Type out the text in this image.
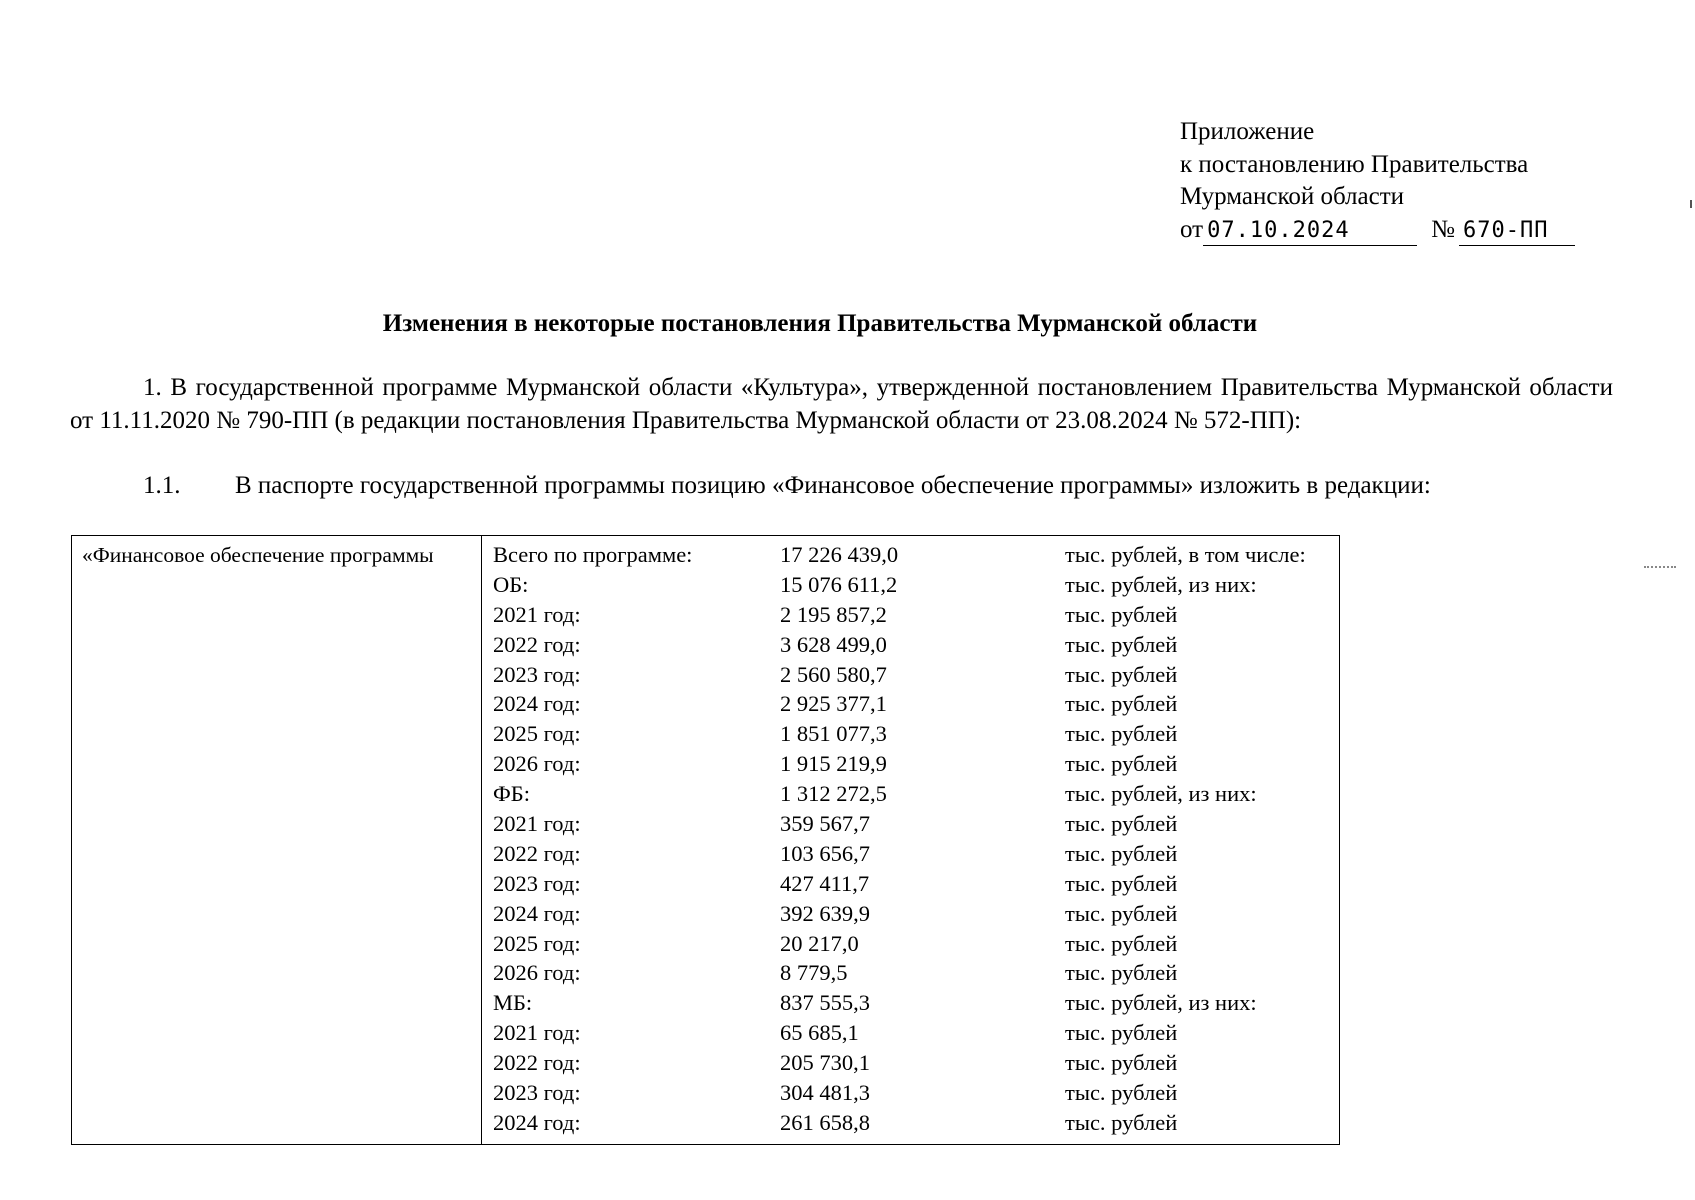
Приложение
к постановлению Правительства
Мурманской области
от 07.10.2024	№ 670-ПП
Изменения в некоторые постановления Правительства Мурманской области
1. В государственной программе Мурманской области «Культура», утвержденной постановлением Правительства Мурманской области от 11.11.2020 № 790-ПП (в редакции постановления Правительства Мурманской области от 23.08.2024 № 572-ПП):
1.1. В паспорте государственной программы позицию «Финансовое обеспечение программы» изложить в редакции:
«Финансовое обеспечение программы	Всего по программе:	17 226 439,0	тыс. рублей, в том числе:
ОБ:	15 076 611,2	тыс. рублей, из них:
2021 год:	2 195 857,2	тыс. рублей
2022 год:	3 628 499,0	тыс. рублей
2023 год:	2 560 580,7	тыс. рублей
2024 год:	2 925 377,1	тыс. рублей
2025 год:	1 851 077,3	тыс. рублей
2026 год:	1 915 219,9	тыс. рублей
ФБ:	1 312 272,5	тыс. рублей, из них:
2021 год:	359 567,7	тыс. рублей
2022 год:	103 656,7	тыс. рублей
2023 год:	427 411,7	тыс. рублей
2024 год:	392 639,9	тыс. рублей
2025 год:	20 217,0	тыс. рублей
2026 год:	8 779,5	тыс. рублей
МБ:	837 555,3	тыс. рублей, из них:
2021 год:	65 685,1	тыс. рублей
2022 год:	205 730,1	тыс. рублей
2023 год:	304 481,3	тыс. рублей
2024 год:	261 658,8	тыс. рублей
